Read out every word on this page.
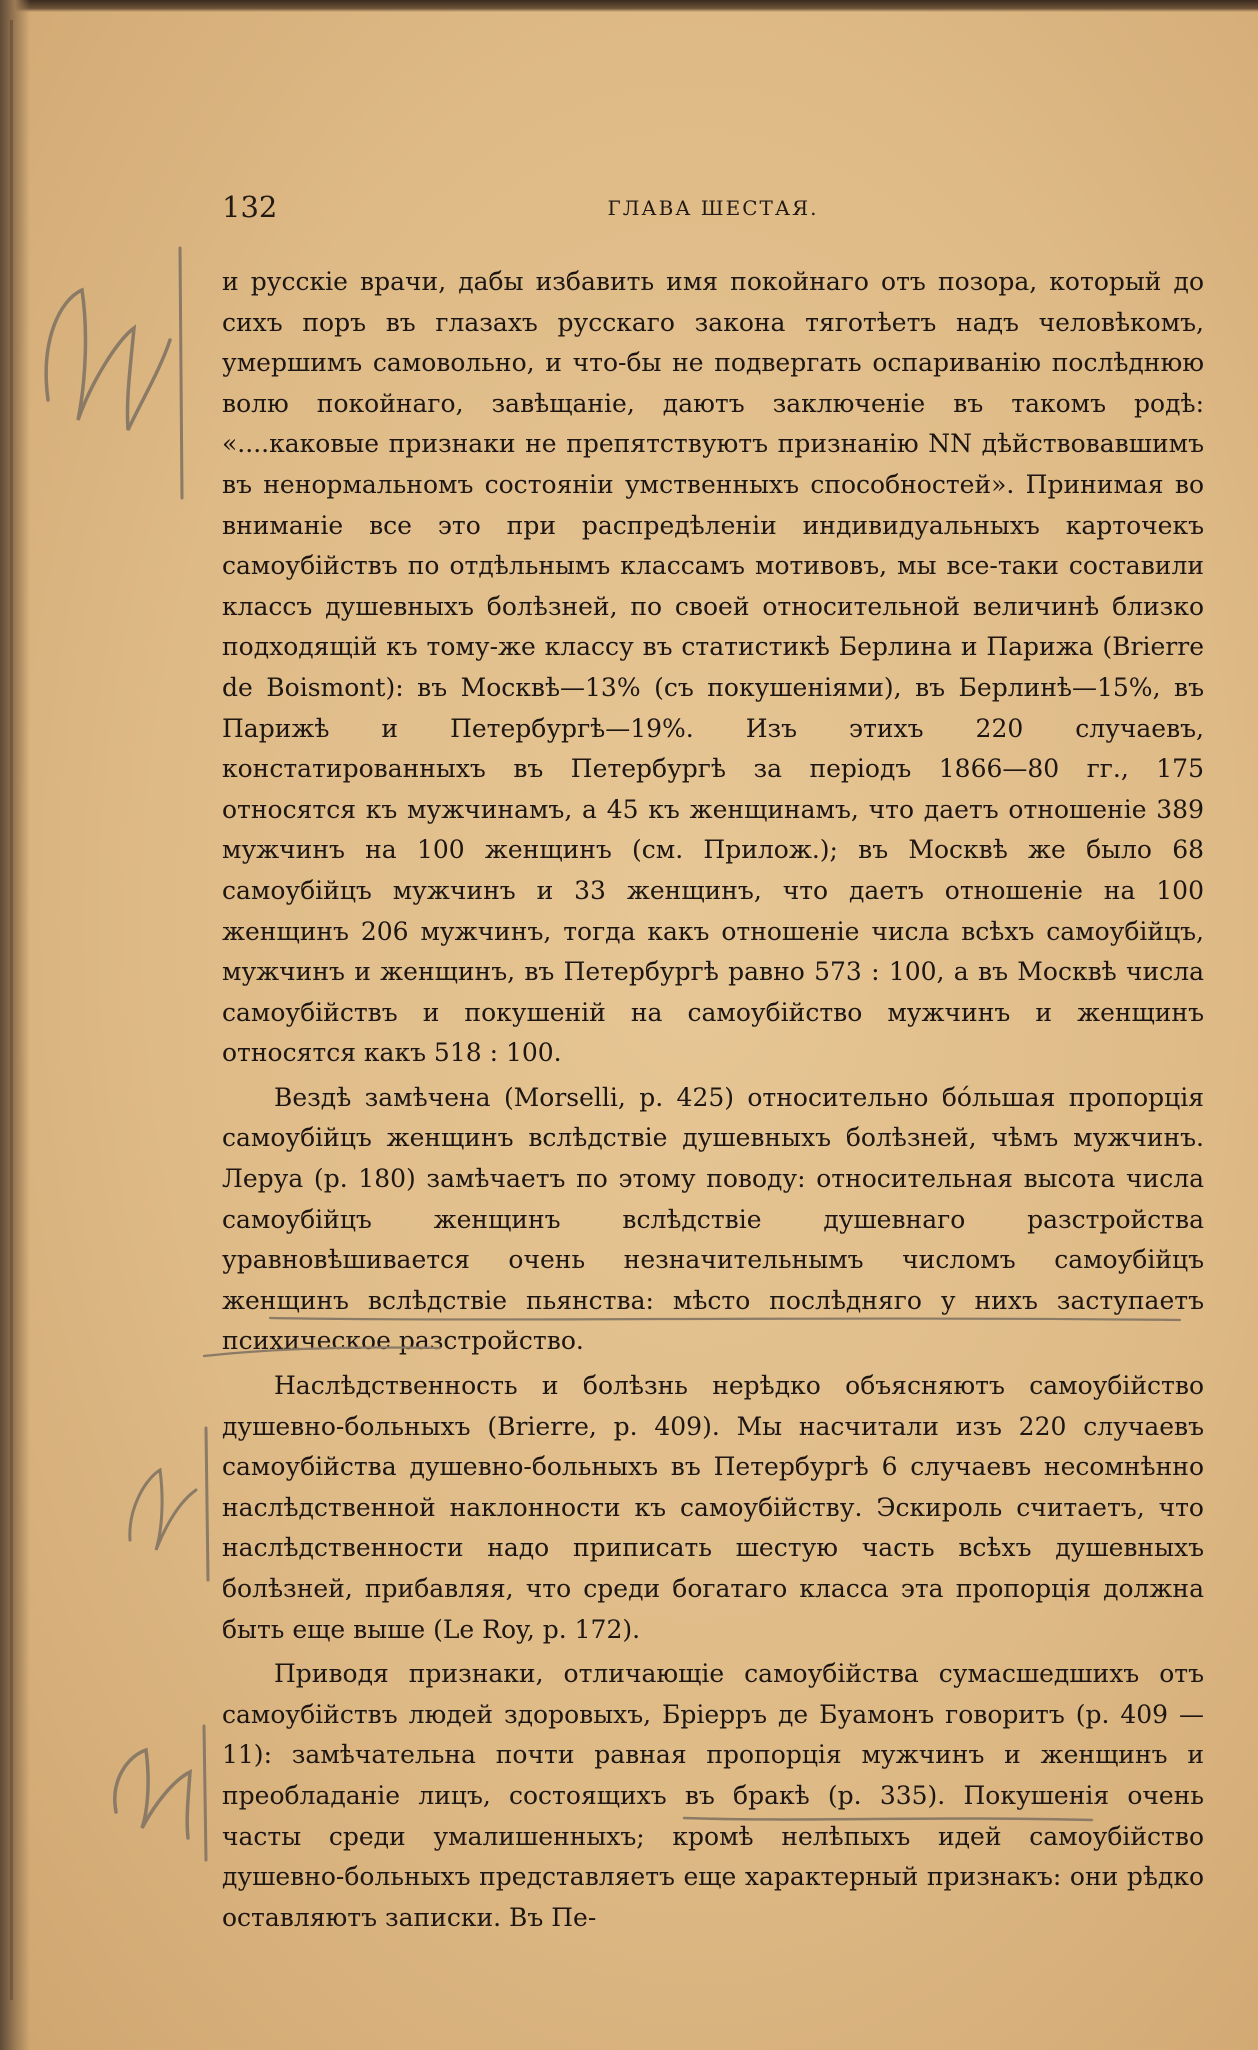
132	ГЛАВА ШЕСТАЯ.

и русскіе врачи, дабы избавить имя покойнаго отъ позора, который до сихъ поръ въ глазахъ русскаго закона тяготѣетъ надъ человѣкомъ, умершимъ самовольно, и что-бы не подвергать оспариванію послѣднюю волю покойнаго, завѣщаніе, даютъ заключеніе въ такомъ родѣ: «....каковые признаки не препятствуютъ признанію NN дѣйствовавшимъ въ ненормальномъ состояніи умственныхъ способностей». Принимая во вниманіе все это при распредѣленіи индивидуальныхъ карточекъ самоубійствъ по отдѣльнымъ классамъ мотивовъ, мы все-таки составили классъ душевныхъ болѣзней, по своей относительной величинѣ близко подходящій къ тому-же классу въ статистикѣ Берлина и Парижа (Brierre de Boismont): въ Москвѣ—13% (съ покушеніями), въ Берлинѣ—15%, въ Парижѣ и Петербургѣ—19%. Изъ этихъ 220 случаевъ, констатированныхъ въ Петербургѣ за періодъ 1866—80 гг., 175 относятся къ мужчинамъ, а 45 къ женщинамъ, что даетъ отношеніе 389 мужчинъ на 100 женщинъ (см. Прилож.); въ Москвѣ же было 68 самоубійцъ мужчинъ и 33 женщинъ, что даетъ отношеніе на 100 женщинъ 206 мужчинъ, тогда какъ отношеніе числа всѣхъ самоубійцъ, мужчинъ и женщинъ, въ Петербургѣ равно 573 : 100, а въ Москвѣ числа самоубійствъ и покушеній на самоубійство мужчинъ и женщинъ относятся какъ 518 : 100.

Вездѣ замѣчена (Morselli, p. 425) относительно бóльшая пропорція самоубійцъ женщинъ вслѣдствіе душевныхъ болѣзней, чѣмъ мужчинъ. Леруа (p. 180) замѣчаетъ по этому поводу: относительная высота числа самоубійцъ женщинъ вслѣдствіе душевнаго разстройства уравновѣшивается очень незначительнымъ числомъ самоубійцъ женщинъ вслѣдствіе пьянства: мѣсто послѣдняго у нихъ заступаетъ психическое разстройство.

Наслѣдственность и болѣзнь нерѣдко объясняютъ самоубійство душевно-больныхъ (Brierre, p. 409). Мы насчитали изъ 220 случаевъ самоубійства душевно-больныхъ въ Петербургѣ 6 случаевъ несомнѣнно наслѣдственной наклонности къ самоубійству. Эскироль считаетъ, что наслѣдственности надо приписать шестую часть всѣхъ душевныхъ болѣзней, прибавляя, что среди богатаго класса эта пропорція должна быть еще выше (Le Roy, p. 172).

Приводя признаки, отличающіе самоубійства сумасшедшихъ отъ самоубійствъ людей здоровыхъ, Бріерръ де Буамонъ говоритъ (p. 409 — 11): замѣчательна почти равная пропорція мужчинъ и женщинъ и преобладаніе лицъ, состоящихъ въ бракѣ (p. 335). Покушенія очень часты среди умалишенныхъ; кромѣ нелѣпыхъ идей самоубійство душевно-больныхъ представляетъ еще характерный признакъ: они рѣдко оставляютъ записки. Въ Пе-
